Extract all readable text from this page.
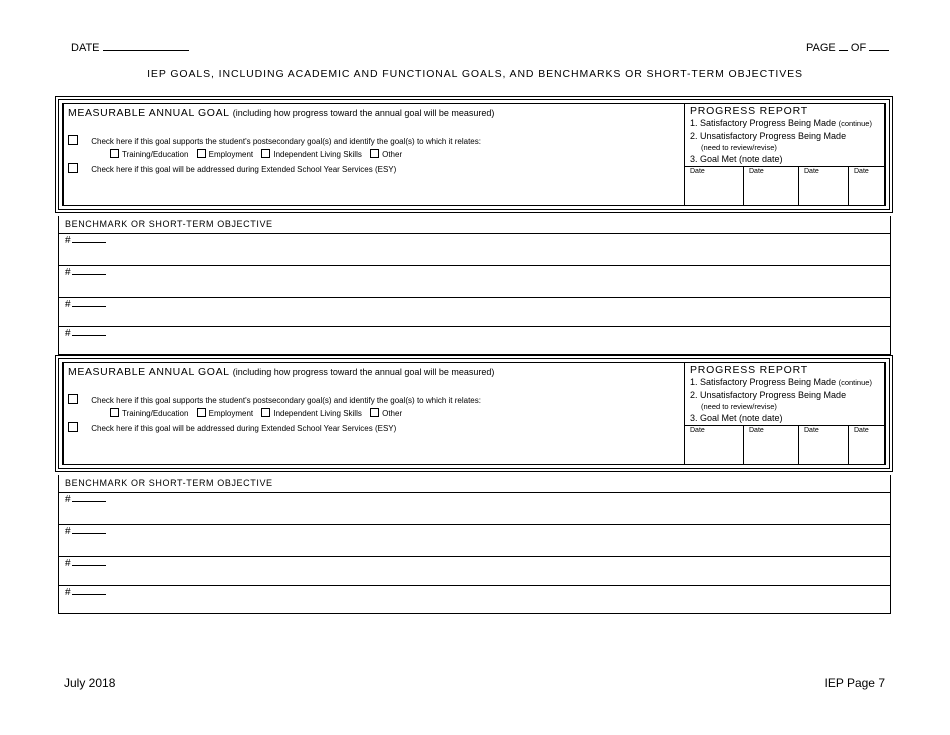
DATE	PAGE OF
IEP GOALS, INCLUDING ACADEMIC AND FUNCTIONAL GOALS, AND BENCHMARKS OR SHORT-TERM OBJECTIVES
MEASURABLE ANNUAL GOAL (including how progress toward the annual goal will be measured)
Check here if this goal supports the student's postsecondary goal(s) and identify the goal(s) to which it relates:
Training/Education	Employment	Independent Living Skills	Other
Check here if this goal will be addressed during Extended School Year Services (ESY)
PROGRESS REPORT
1. Satisfactory Progress Being Made (continue)
2. Unsatisfactory Progress Being Made
(need to review/revise)
3. Goal Met (note date)
Date	Date	Date	Date
BENCHMARK OR SHORT-TERM OBJECTIVE
#
#
#
#
MEASURABLE ANNUAL GOAL (including how progress toward the annual goal will be measured)
Check here if this goal supports the student's postsecondary goal(s) and identify the goal(s) to which it relates:
Training/Education	Employment	Independent Living Skills	Other
Check here if this goal will be addressed during Extended School Year Services (ESY)
PROGRESS REPORT
1. Satisfactory Progress Being Made (continue)
2. Unsatisfactory Progress Being Made
(need to review/revise)
3. Goal Met (note date)
Date	Date	Date	Date
BENCHMARK OR SHORT-TERM OBJECTIVE
#
#
#
#
July 2018	IEP Page 7
